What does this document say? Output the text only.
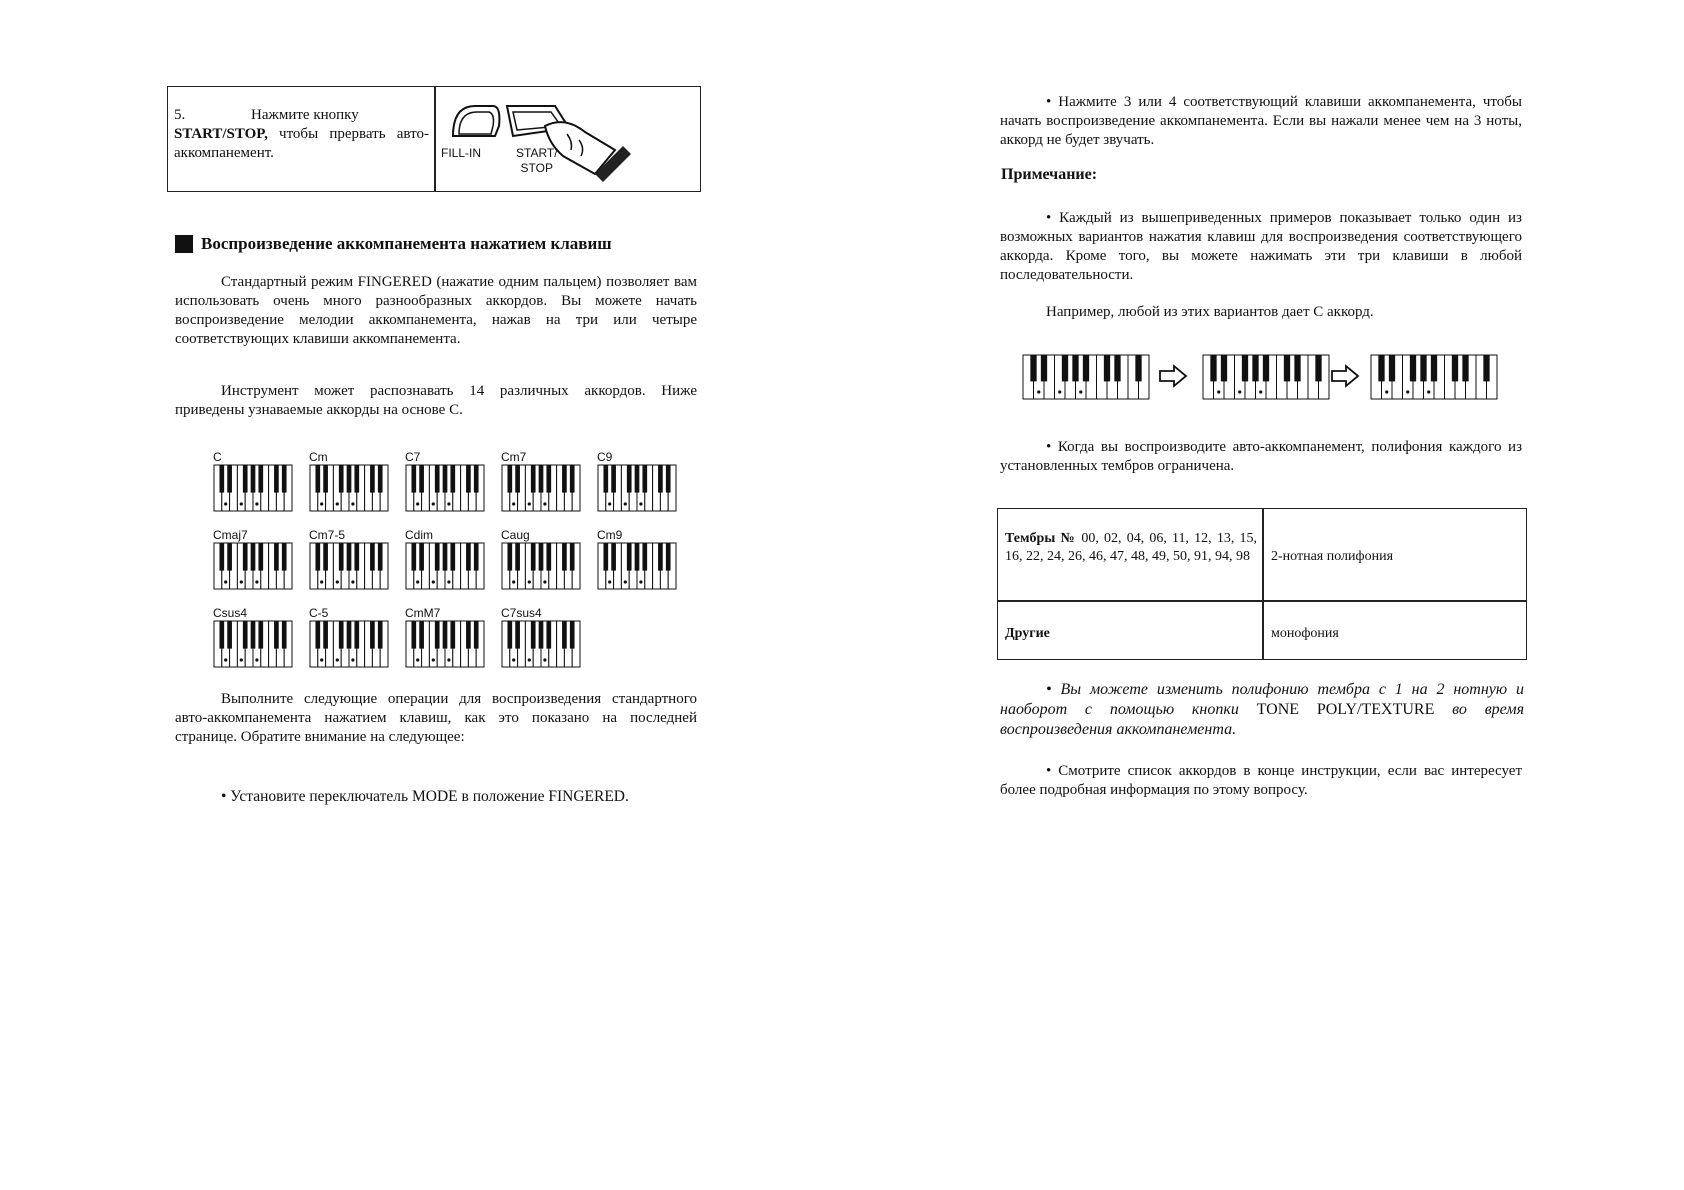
5.	Нажмите кнопку
START/STOP, чтобы прервать авто-аккомпанемент.	FILL-IN	START/
STOP
Воспроизведение аккомпанемента нажатием клавиш

Стандартный режим FINGERED (нажатие одним пальцем) позволяет вам использовать очень много разнообразных аккордов. Вы можете начать воспроизведение мелодии аккомпанемента, нажав на три или четыре соответствующих клавиши аккомпанемента.

Инструмент может распознавать 14 различных аккордов. Ниже приведены узнаваемые аккорды на основе С.

C	Cm	C7	Cm7	C9
Cmaj7	Cm7-5	Cdim	Caug	Cm9
Csus4	C-5	CmM7	C7sus4

Выполните следующие операции для воспроизведения стандартного авто-аккомпанемента нажатием клавиш, как это показано на последней странице. Обратите внимание на следующее:

• Установите переключатель MODE в положение FINGERED.

• Нажмите 3 или 4 соответствующий клавиши аккомпанемента, чтобы начать воспроизведение аккомпанемента. Если вы нажали менее чем на 3 ноты, аккорд не будет звучать.

Примечание:

• Каждый из вышеприведенных примеров показывает только один из возможных вариантов нажатия клавиш для воспроизведения соответствующего аккорда. Кроме того, вы можете нажимать эти три клавиши в любой последовательности.

Например, любой из этих вариантов дает С аккорд.

• Когда вы воспроизводите авто-аккомпанемент, полифония каждого из установленных тембров ограничена.

Тембры № 00, 02, 04, 06, 11, 12, 13, 15, 16, 22, 24, 26, 46, 47, 48, 49, 50, 91, 94, 98	2-нотная полифония

Другие	монофония

• Вы можете изменить полифонию тембра с 1 на 2 нотную и наоборот с помощью кнопки TONE POLY/TEXTURE во время воспроизведения аккомпанемента.

• Смотрите список аккордов в конце инструкции, если вас интересует более подробная информация по этому вопросу.
